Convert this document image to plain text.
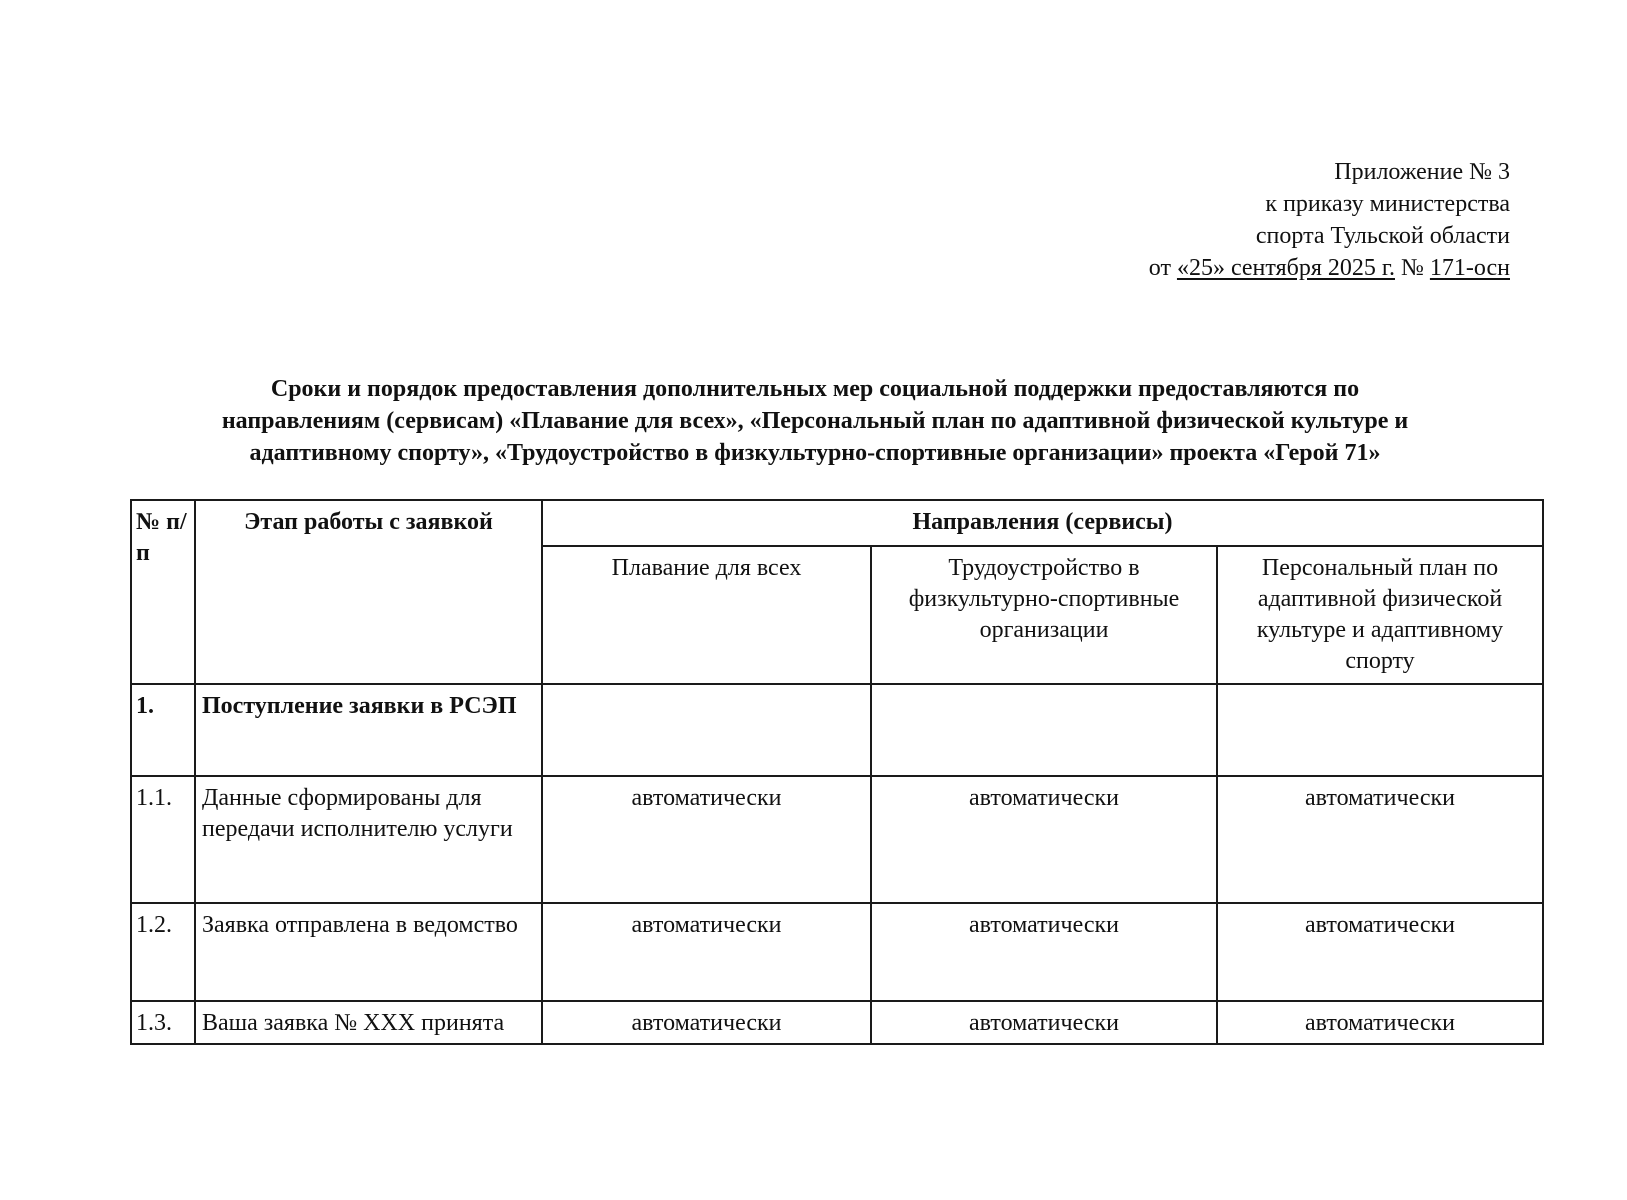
Приложение № 3
к приказу министерства
спорта Тульской области
от «25» сентября 2025 г. № 171-осн
Сроки и порядок предоставления дополнительных мер социальной поддержки предоставляются по
направлениям (сервисам) «Плавание для всех», «Персональный план по адаптивной физической культуре и
адаптивному спорту», «Трудоустройство в физкультурно-спортивные организации» проекта «Герой 71»
№ п/п	Этап работы с заявкой	Направления (сервисы)		
		Плавание для всех	Трудоустройство в физкультурно-спортивные организации	Персональный план по адаптивной физической культуре и адаптивному спорту
1.	Поступление заявки в РСЭП			
1.1.	Данные сформированы для передачи исполнителю услуги	автоматически	автоматически	автоматически
1.2.	Заявка отправлена в ведомство	автоматически	автоматически	автоматически
1.3.	Ваша заявка № XXX принята	автоматически	автоматически	автоматически
